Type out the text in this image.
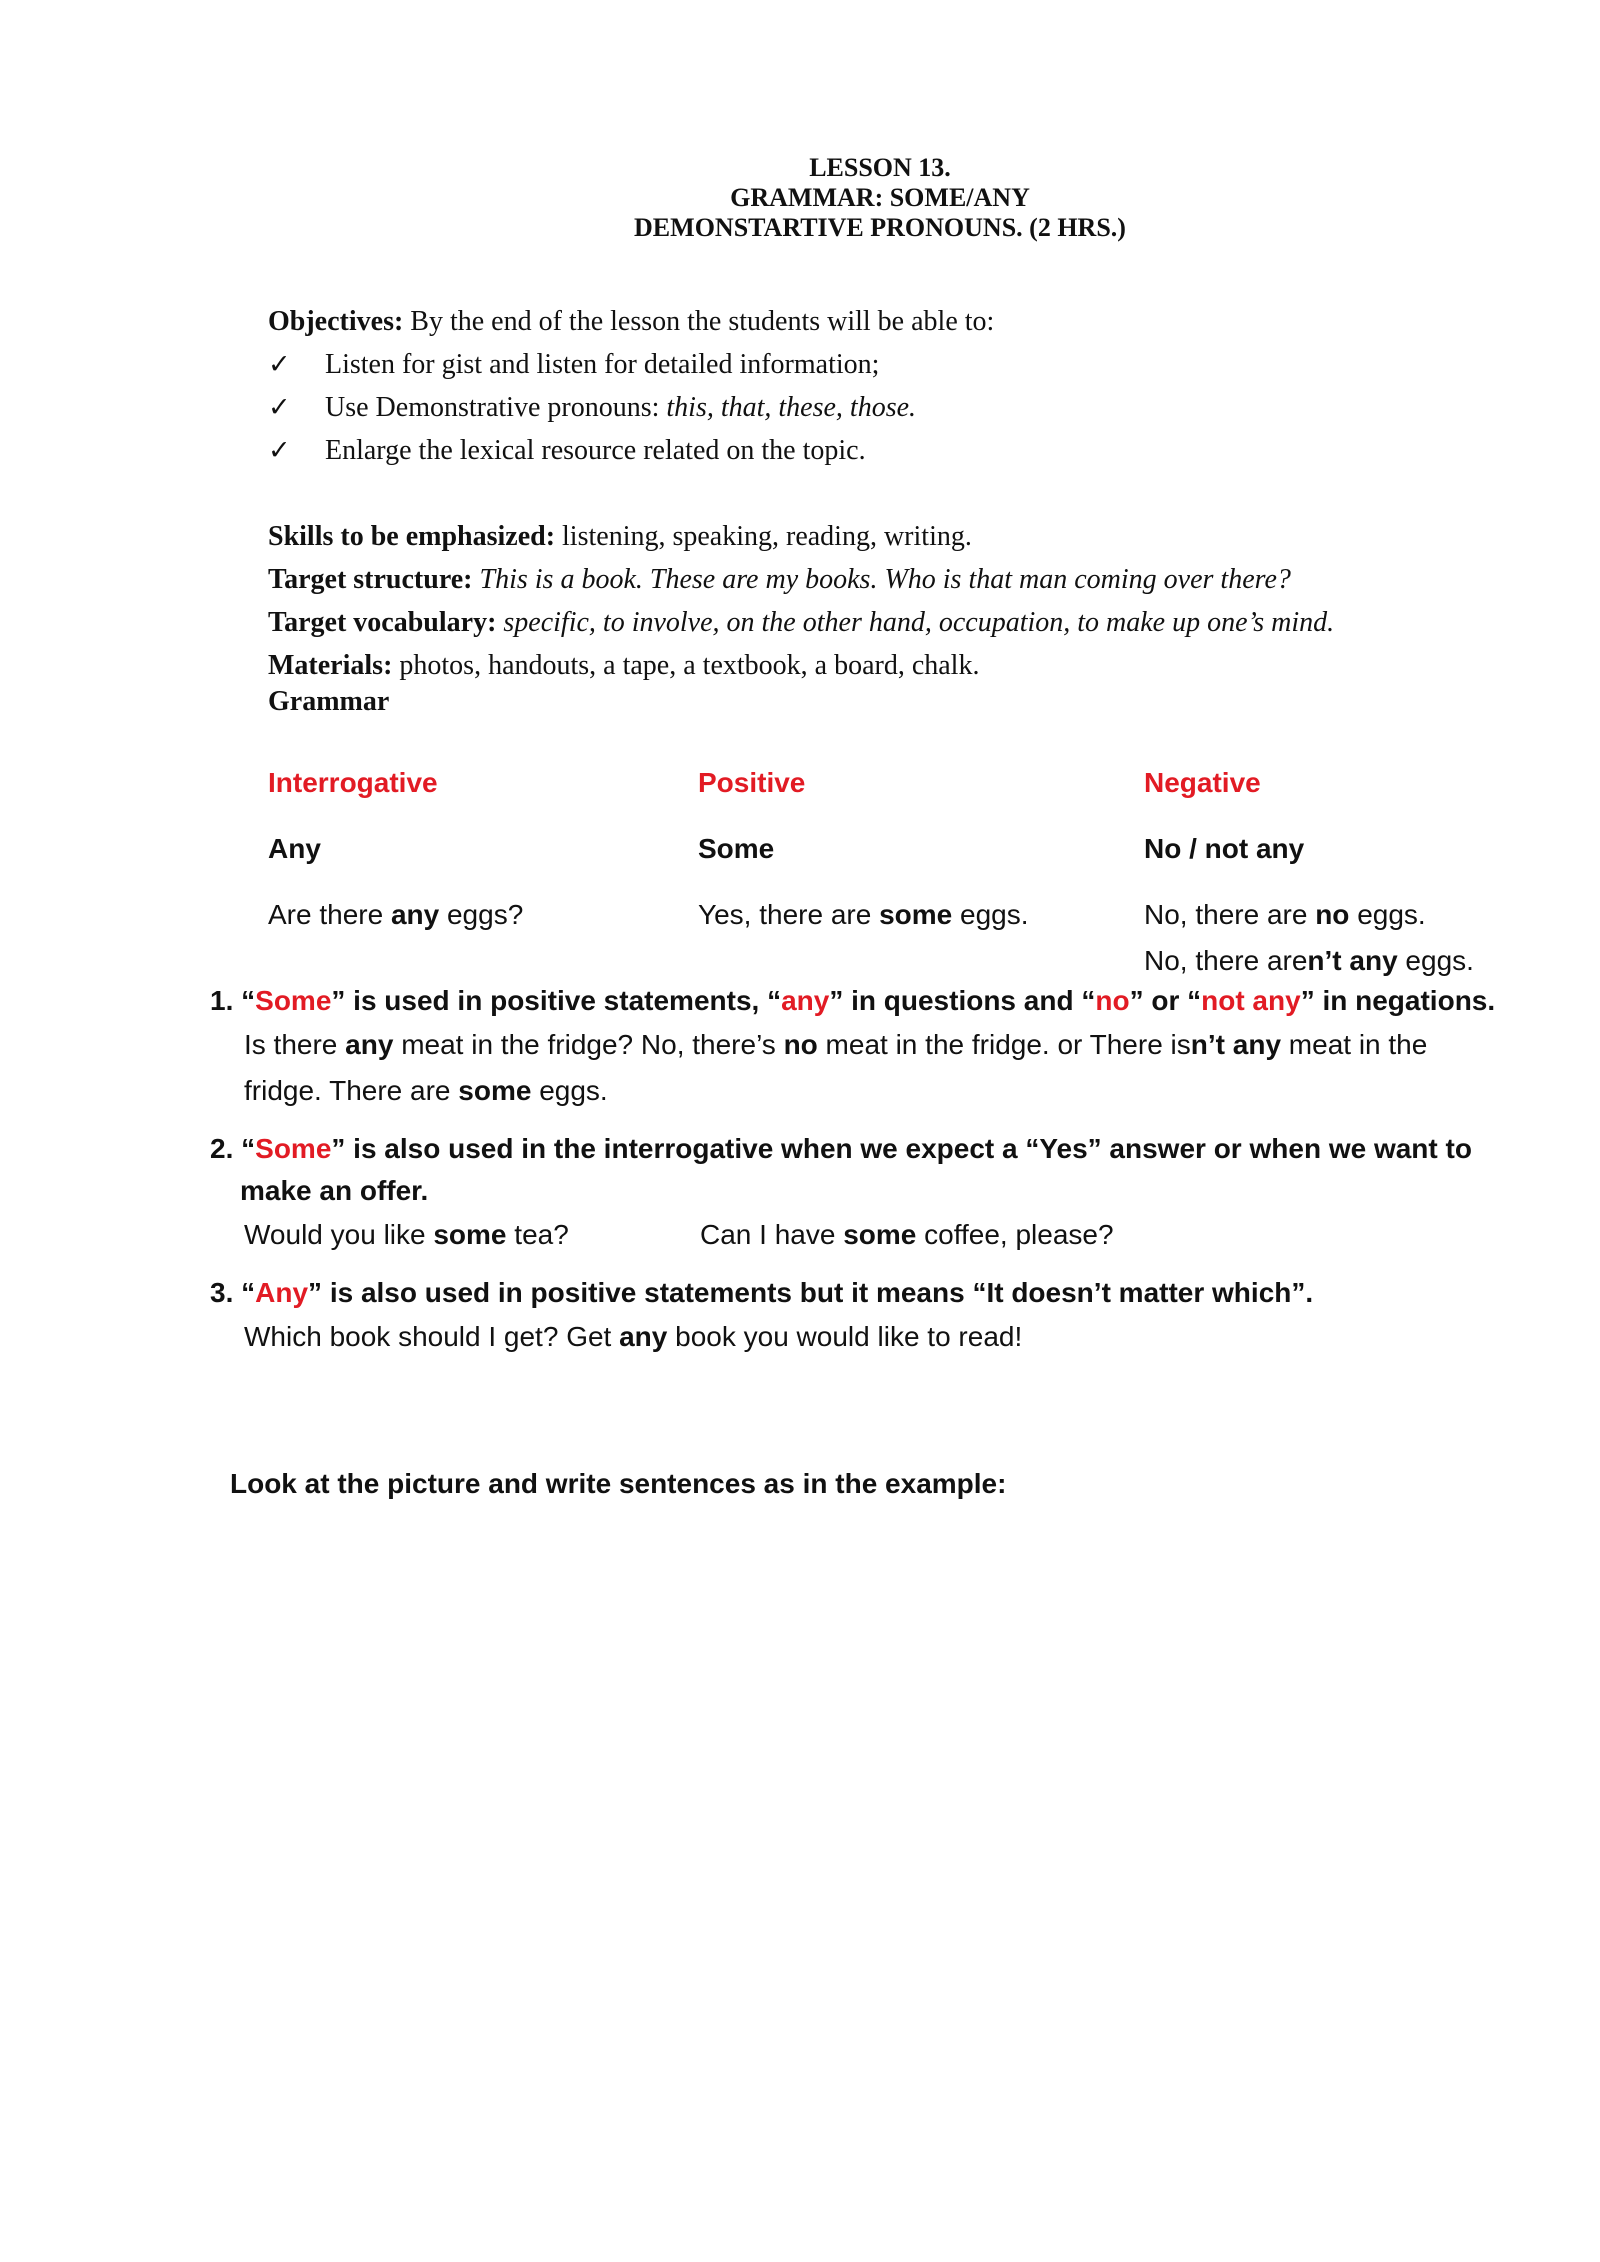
LESSON 13.
GRAMMAR: SOME/ANY
DEMONSTARTIVE PRONOUNS. (2 HRS.)
Objectives: By the end of the lesson the students will be able to:
✓	Listen for gist and listen for detailed information;
✓	Use Demonstrative pronouns: this, that, these, those.
✓	Enlarge the lexical resource related on the topic.
Skills to be emphasized: listening, speaking, reading, writing.
Target structure: This is a book. These are my books. Who is that man coming over there?
Target vocabulary: specific, to involve, on the other hand, occupation, to make up one’s mind.
Materials: photos, handouts, a tape, a textbook, a board, chalk.
Grammar
Interrogative	Positive	Negative
Any	Some	No / not any
Are there any eggs?	Yes, there are some eggs.	No, there are no eggs.
No, there aren’t any eggs.
1. “Some” is used in positive statements, “any” in questions and “no” or “not any” in negations.
Is there any meat in the fridge? No, there’s no meat in the fridge. or There isn’t any meat in the
fridge. There are some eggs.
2. “Some” is also used in the interrogative when we expect a “Yes” answer or when we want to
make an offer.
Would you like some tea?	Can I have some coffee, please?
3. “Any” is also used in positive statements but it means “It doesn’t matter which”.
Which book should I get? Get any book you would like to read!
Look at the picture and write sentences as in the example:
